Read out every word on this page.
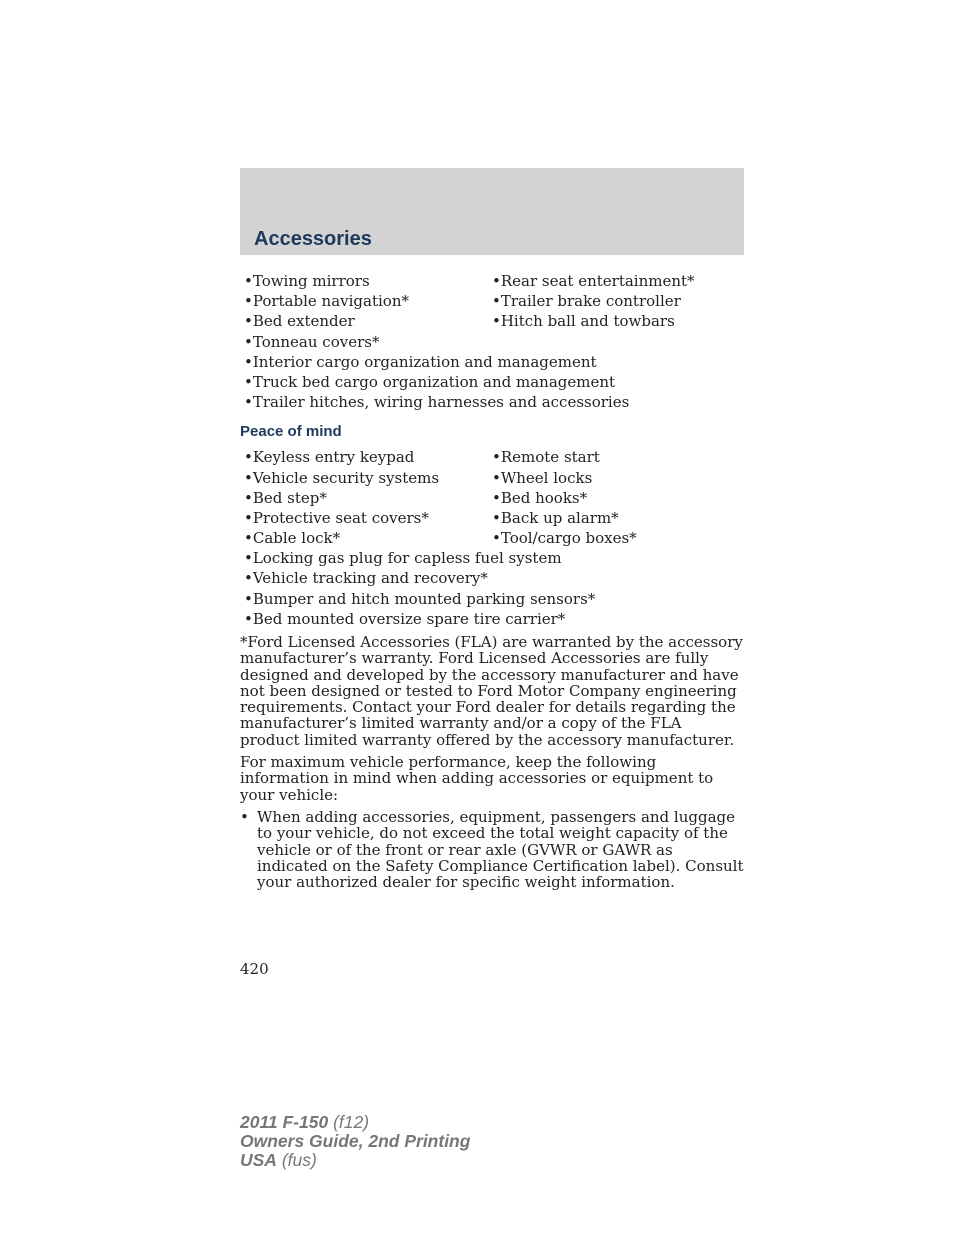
Accessories
•Towing mirrors	•Rear seat entertainment*
•Portable navigation*	•Trailer brake controller
•Bed extender	•Hitch ball and towbars
•Tonneau covers*
•Interior cargo organization and management
•Truck bed cargo organization and management
•Trailer hitches, wiring harnesses and accessories
Peace of mind
•Keyless entry keypad	•Remote start
•Vehicle security systems	•Wheel locks
•Bed step*	•Bed hooks*
•Protective seat covers*	•Back up alarm*
•Cable lock*	•Tool/cargo boxes*
•Locking gas plug for capless fuel system
•Vehicle tracking and recovery*
•Bumper and hitch mounted parking sensors*
•Bed mounted oversize spare tire carrier*

*Ford Licensed Accessories (FLA) are warranted by the accessory manufacturer’s warranty. Ford Licensed Accessories are fully designed and developed by the accessory manufacturer and have not been designed or tested to Ford Motor Company engineering requirements. Contact your Ford dealer for details regarding the manufacturer’s limited warranty and/or a copy of the FLA product limited warranty offered by the accessory manufacturer.

For maximum vehicle performance, keep the following information in mind when adding accessories or equipment to your vehicle:

• When adding accessories, equipment, passengers and luggage to your vehicle, do not exceed the total weight capacity of the vehicle or of the front or rear axle (GVWR or GAWR as indicated on the Safety Compliance Certification label). Consult your authorized dealer for specific weight information.
420
2011 F-150 (f12)
Owners Guide, 2nd Printing
USA (fus)
